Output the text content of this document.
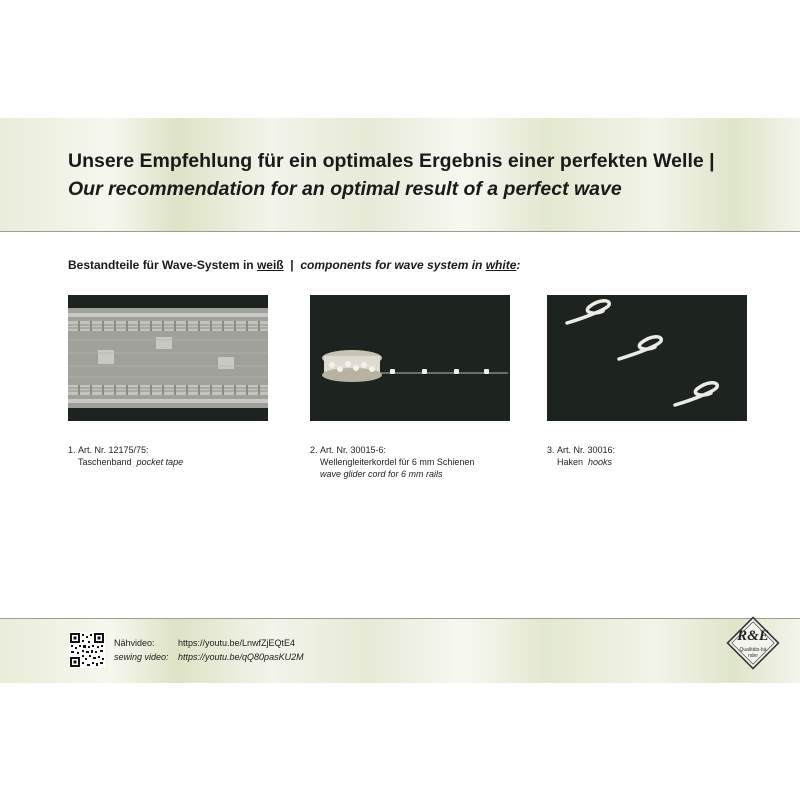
Unsere Empfehlung für ein optimales Ergebnis einer perfekten Welle |
Our recommendation for an optimal result of a perfect wave
Bestandteile für Wave-System in weiß  |  components for wave system in white:
1. Art. Nr. 12175/75:
Taschenband pocket tape
2. Art. Nr. 30015-6:
Wellengleiterkordel für 6 mm Schienen
wave glider cord for 6 mm rails
3. Art. Nr. 30016:
Haken hooks
Nähvideo:	https://youtu.be/LnwfZjEQtE4
sewing video: https://youtu.be/qQ80pasKU2M
R&E
Qualitäts-bänder
